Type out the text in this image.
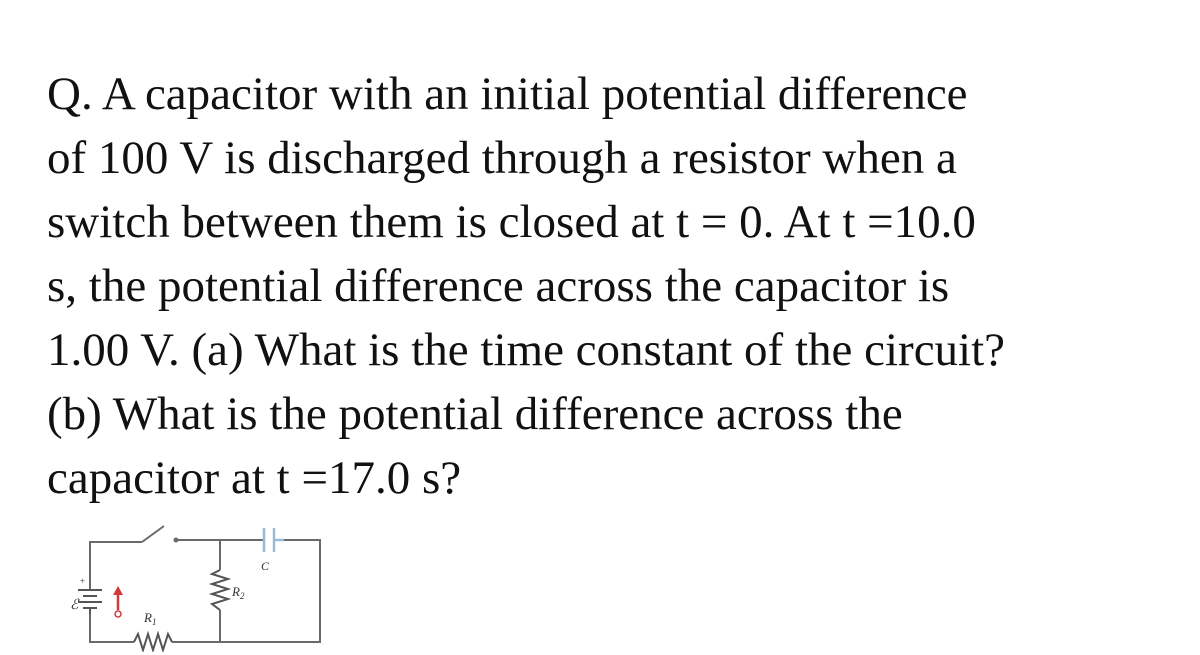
Q. A capacitor with an initial potential difference
of 100 V is discharged through a resistor when a
switch between them is closed at t = 0. At t =10.0
s, the potential difference across the capacitor is
1.00 V. (a) What is the time constant of the circuit?
(b) What is the potential difference across the
capacitor at t =17.0 s?
ℰ
+
C
$R_2$
$R_1$
